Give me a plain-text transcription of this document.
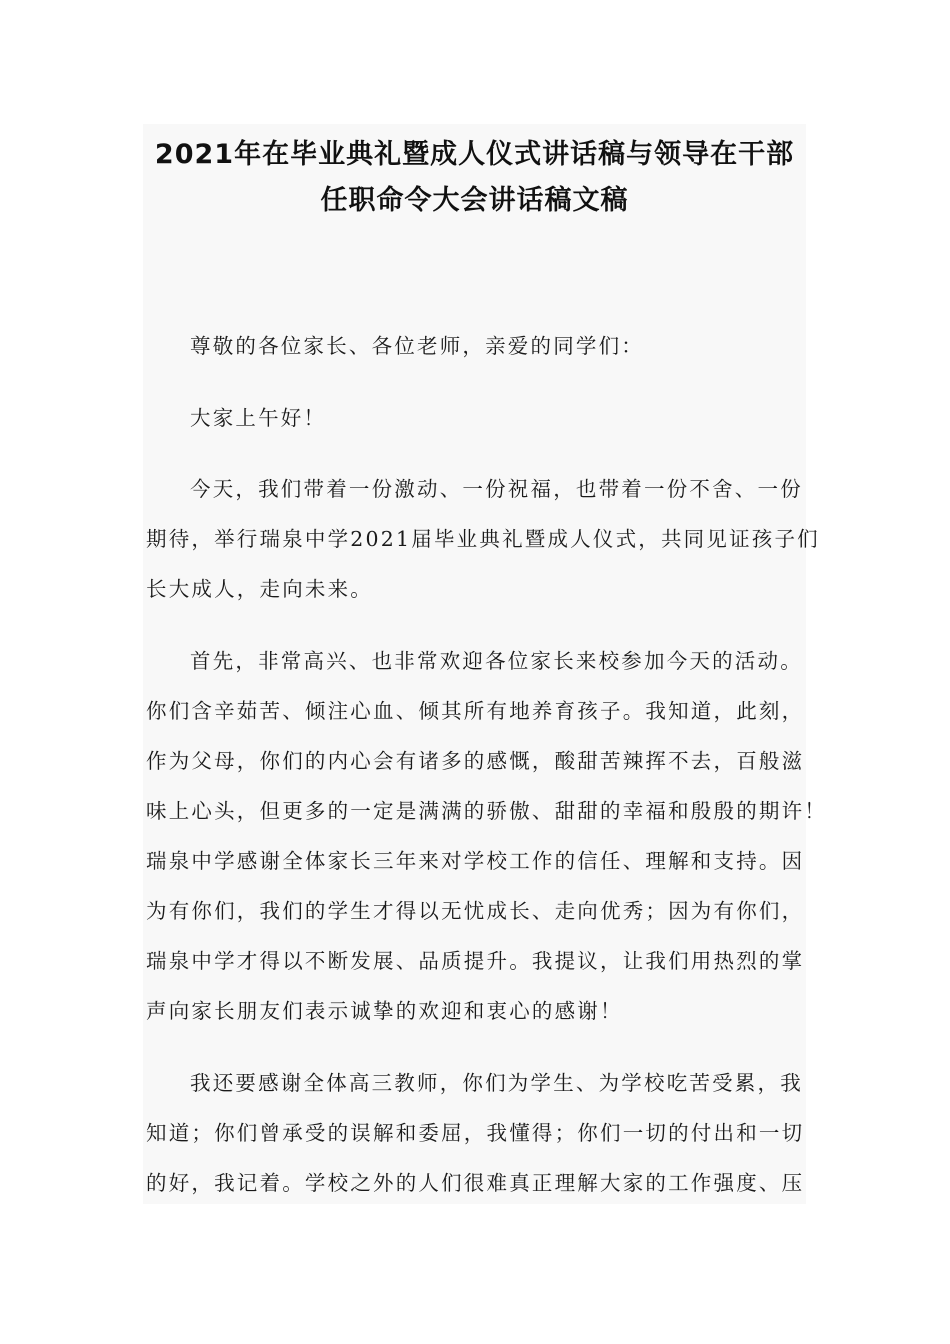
2021年在毕业典礼暨成人仪式讲话稿与领导在干部
任职命令大会讲话稿文稿
尊敬的各位家长、各位老师，亲爱的同学们：
大家上午好！
今天，我们带着一份激动、一份祝福，也带着一份不舍、一份
期待，举行瑞泉中学2021届毕业典礼暨成人仪式，共同见证孩子们
长大成人，走向未来。
首先，非常高兴、也非常欢迎各位家长来校参加今天的活动。
你们含辛茹苦、倾注心血、倾其所有地养育孩子。我知道，此刻，
作为父母，你们的内心会有诸多的感慨，酸甜苦辣挥不去，百般滋
味上心头，但更多的一定是满满的骄傲、甜甜的幸福和殷殷的期许！
瑞泉中学感谢全体家长三年来对学校工作的信任、理解和支持。因
为有你们，我们的学生才得以无忧成长、走向优秀；因为有你们，
瑞泉中学才得以不断发展、品质提升。我提议，让我们用热烈的掌
声向家长朋友们表示诚挚的欢迎和衷心的感谢！
我还要感谢全体高三教师，你们为学生、为学校吃苦受累，我
知道；你们曾承受的误解和委屈，我懂得；你们一切的付出和一切
的好，我记着。学校之外的人们很难真正理解大家的工作强度、压
